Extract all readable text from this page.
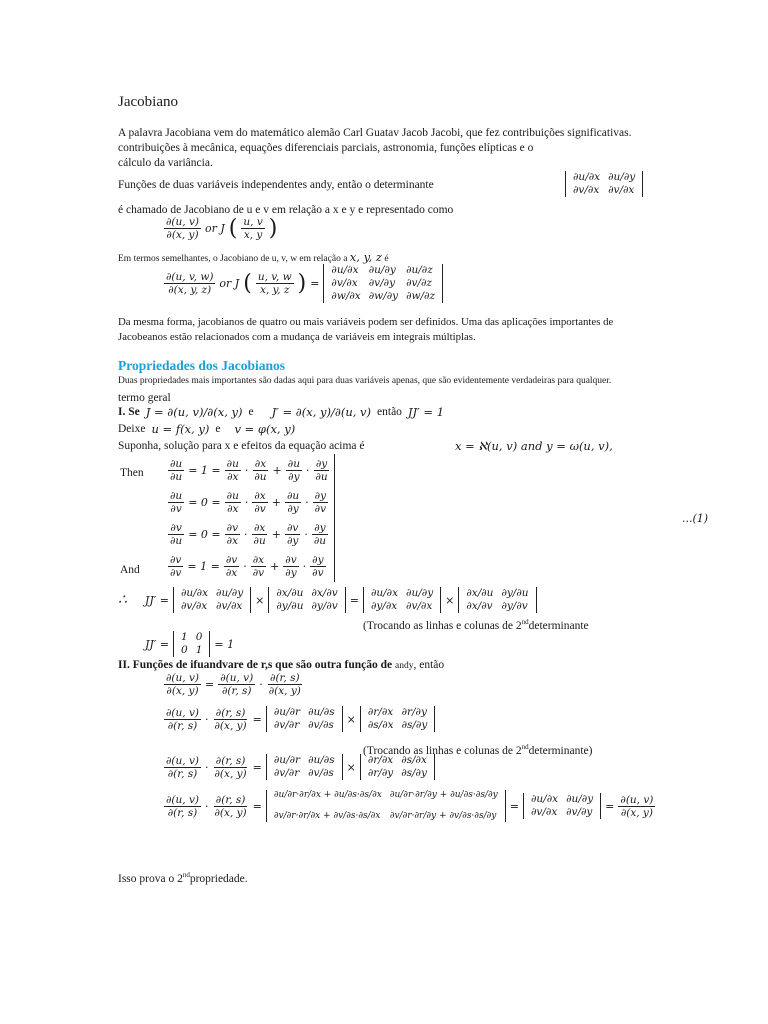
Jacobiano
A palavra Jacobiana vem do matemático alemão Carl Guatav Jacob Jacobi, que fez contribuições significativas.
contribuições à mecânica, equações diferenciais parciais, astronomia, funções elípticas e o
cálculo da variância.
Funções de duas variáveis independentes andy, então o determinante
∂u/∂x	∂u/∂y
∂v/∂x	∂v/∂x
é chamado de Jacobiano de u e v em relação a x e y e representado como
$\frac{\partial(u, v)}{\partial(x, y)}$ or J ( $\frac{u, v}{x, y}$ )
Em termos semelhantes, o Jacobiano de u, v, w em relação a x, y, z é
$\frac{\partial(u, v, w)}{\partial(x, y, z)}$ or J ( $\frac{u, v, w}{x, y, z}$ ) =
∂u/∂x	∂u/∂y	∂u/∂z
∂v/∂x	∂v/∂y	∂v/∂z
∂w/∂x	∂w/∂y	∂w/∂z
Da mesma forma, jacobianos de quatro ou mais variáveis podem ser definidos. Uma das aplicações importantes de
Jacobeanos estão relacionados com a mudança de variáveis em integrais múltiplas.
Propriedades dos Jacobianos
Duas propriedades mais importantes são dadas aqui para duas variáveis apenas, que são evidentemente verdadeiras para qualquer.
termo geral
I. Se J = ∂(u, v)/∂(x, y) e J′ = ∂(x, y)/∂(u, v) então JJ′ = 1
Deixe u = f(x, y) e v = φ(x, y)
Suponha, solução para x e efeitos da equação acima é	x = ℵ(u, v) and y = ω(u, v),
Then
And
$\frac{\partial u}{\partial u} = 1 = \frac{\partial u}{\partial x} \cdot \frac{\partial x}{\partial u} + \frac{\partial u}{\partial y} \cdot \frac{\partial y}{\partial u}$
$\frac{\partial u}{\partial v} = 0 = \frac{\partial u}{\partial x} \cdot \frac{\partial x}{\partial v} + \frac{\partial u}{\partial y} \cdot \frac{\partial y}{\partial v}$
$\frac{\partial v}{\partial u} = 0 = \frac{\partial v}{\partial x} \cdot \frac{\partial x}{\partial u} + \frac{\partial v}{\partial y} \cdot \frac{\partial y}{\partial u}$
$\frac{\partial v}{\partial v} = 1 = \frac{\partial v}{\partial x} \cdot \frac{\partial x}{\partial v} + \frac{\partial v}{\partial y} \cdot \frac{\partial y}{\partial v}$
...(1)
∴ JJ′ =
∂u/∂x	∂u/∂y
∂v/∂x	∂v/∂x ×
∂x/∂u	∂x/∂v
∂y/∂u	∂y/∂v =
∂u/∂x	∂u/∂y
∂y/∂x	∂v/∂x ×
∂x/∂u	∂y/∂u
∂x/∂v	∂y/∂v
(Trocando as linhas e colunas de 2nddeterminante
JJ′ =
1	0
0	1 = 1
II. Funções de ifuandvare de r,s que são outra função de andy, então
$\frac{\partial(u, v)}{\partial(x, y)} = \frac{\partial(u, v)}{\partial(r, s)} \cdot \frac{\partial(r, s)}{\partial(x, y)}$
$\frac{\partial(u, v)}{\partial(r, s)} \cdot \frac{\partial(r, s)}{\partial(x, y)}$ =
∂u/∂r	∂u/∂s
∂v/∂r	∂v/∂s ×
∂r/∂x	∂r/∂y
∂s/∂x	∂s/∂y
(Trocando as linhas e colunas de 2nddeterminante)
$\frac{\partial(u, v)}{\partial(r, s)} \cdot \frac{\partial(r, s)}{\partial(x, y)}$ =
∂u/∂r	∂u/∂s
∂v/∂r	∂v/∂s ×
∂r/∂x	∂s/∂x
∂r/∂y	∂s/∂y
$\frac{\partial(u, v)}{\partial(r, s)} \cdot \frac{\partial(r, s)}{\partial(x, y)}$ =
∂u/∂r·∂r/∂x + ∂u/∂s·∂s/∂x	∂u/∂r·∂r/∂y + ∂u/∂s·∂s/∂y
∂v/∂r·∂r/∂x + ∂v/∂s·∂s/∂x	∂v/∂r·∂r/∂y + ∂v/∂s·∂s/∂y
=
∂u/∂x	∂u/∂y
∂v/∂x	$\partial v/\partial y = \frac{\partial(u, v)}{\partial(x, y)}$
Isso prova o 2ndpropriedade.
